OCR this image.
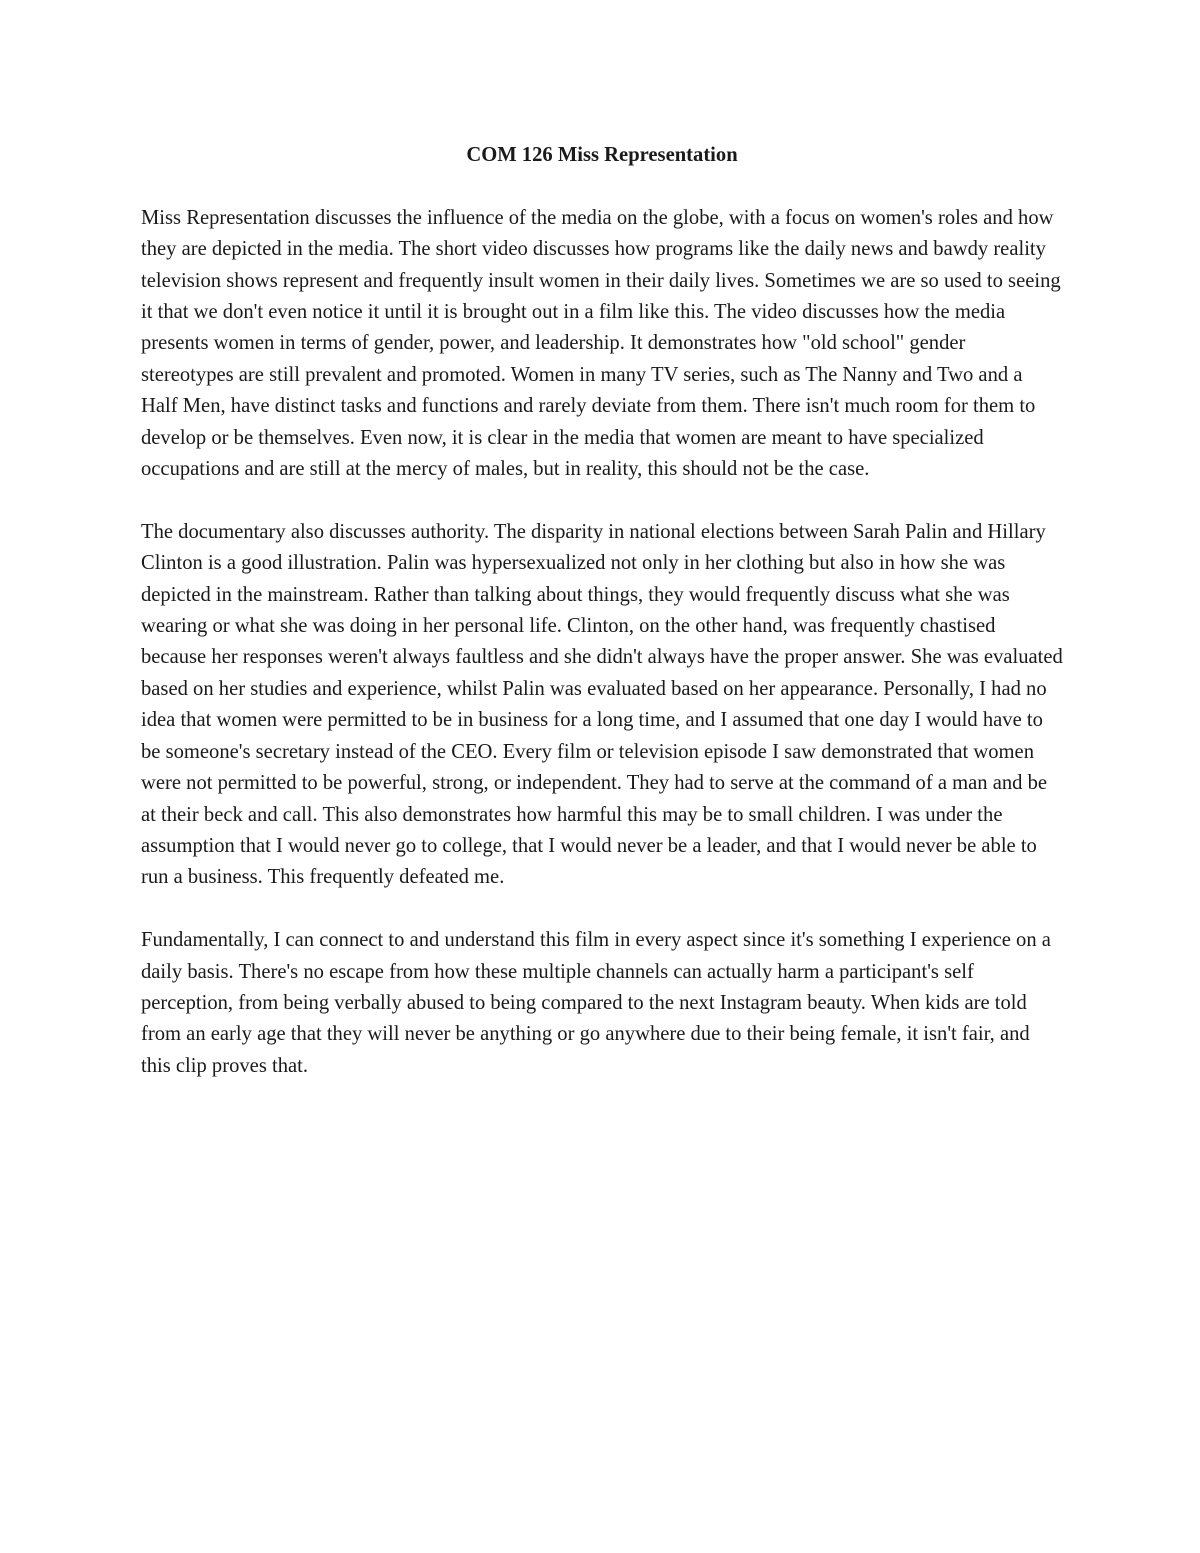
COM 126 Miss Representation

Miss Representation discusses the influence of the media on the globe, with a focus on women's roles and how they are depicted in the media. The short video discusses how programs like the daily news and bawdy reality television shows represent and frequently insult women in their daily lives. Sometimes we are so used to seeing it that we don't even notice it until it is brought out in a film like this. The video discusses how the media presents women in terms of gender, power, and leadership. It demonstrates how "old school" gender stereotypes are still prevalent and promoted. Women in many TV series, such as The Nanny and Two and a Half Men, have distinct tasks and functions and rarely deviate from them. There isn't much room for them to develop or be themselves. Even now, it is clear in the media that women are meant to have specialized occupations and are still at the mercy of males, but in reality, this should not be the case.

The documentary also discusses authority. The disparity in national elections between Sarah Palin and Hillary Clinton is a good illustration. Palin was hypersexualized not only in her clothing but also in how she was depicted in the mainstream. Rather than talking about things, they would frequently discuss what she was wearing or what she was doing in her personal life. Clinton, on the other hand, was frequently chastised because her responses weren't always faultless and she didn't always have the proper answer. She was evaluated based on her studies and experience, whilst Palin was evaluated based on her appearance. Personally, I had no idea that women were permitted to be in business for a long time, and I assumed that one day I would have to be someone's secretary instead of the CEO. Every film or television episode I saw demonstrated that women were not permitted to be powerful, strong, or independent. They had to serve at the command of a man and be at their beck and call. This also demonstrates how harmful this may be to small children. I was under the assumption that I would never go to college, that I would never be a leader, and that I would never be able to run a business. This frequently defeated me.

Fundamentally, I can connect to and understand this film in every aspect since it's something I experience on a daily basis. There's no escape from how these multiple channels can actually harm a participant's self perception, from being verbally abused to being compared to the next Instagram beauty. When kids are told from an early age that they will never be anything or go anywhere due to their being female, it isn't fair, and this clip proves that.
